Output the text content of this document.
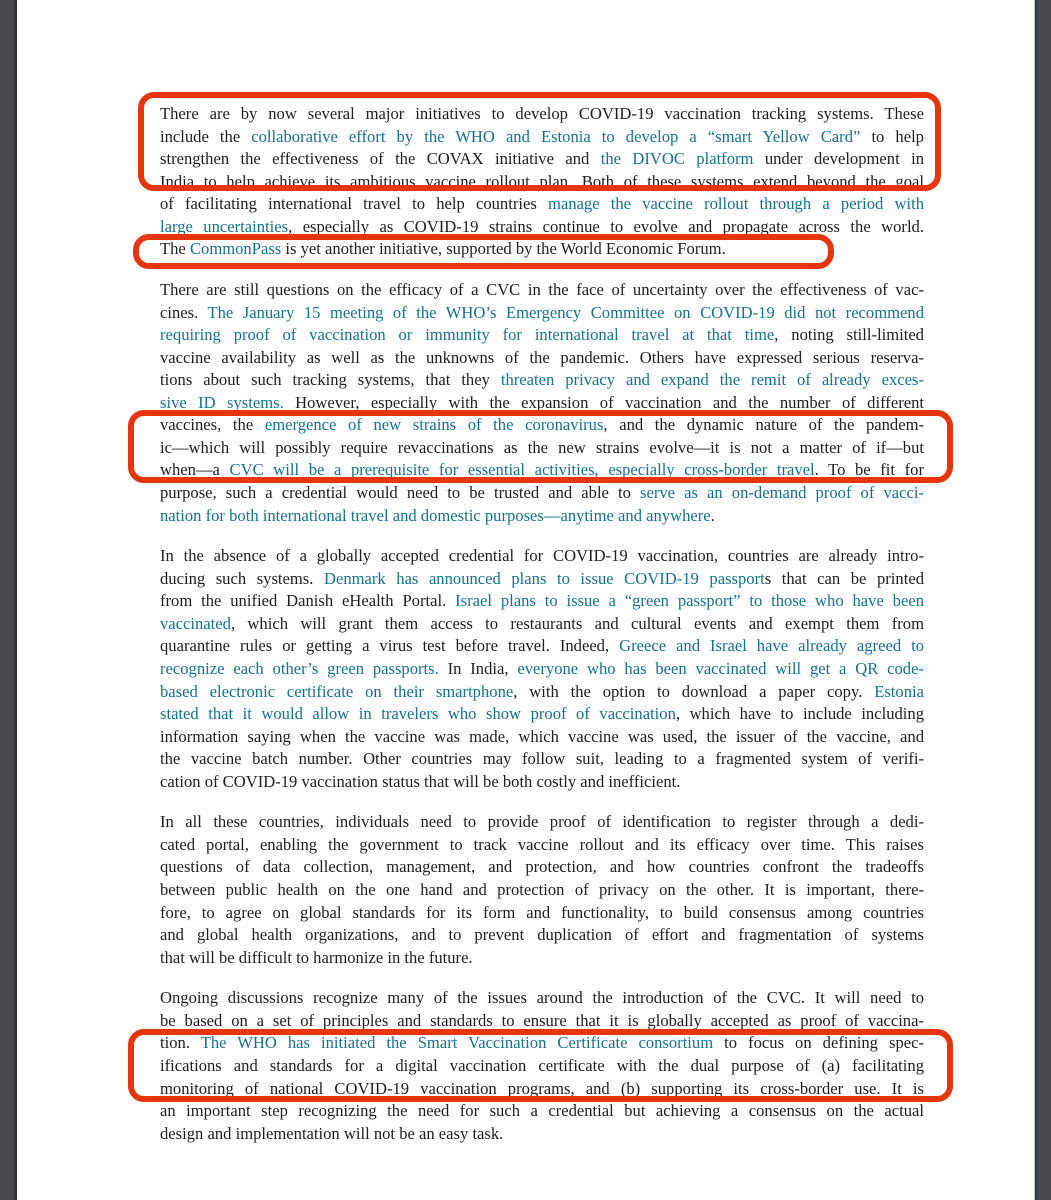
There are by now several major initiatives to develop COVID-19 vaccination tracking systems. These
include the collaborative effort by the WHO and Estonia to develop a “smart Yellow Card” to help
strengthen the effectiveness of the COVAX initiative and the DIVOC platform under development in
India to help achieve its ambitious vaccine rollout plan. Both of these systems extend beyond the goal
of facilitating international travel to help countries manage the vaccine rollout through a period with
large uncertainties, especially as COVID-19 strains continue to evolve and propagate across the world.
The CommonPass is yet another initiative, supported by the World Economic Forum.
There are still questions on the efficacy of a CVC in the face of uncertainty over the effectiveness of vac-
cines. The January 15 meeting of the WHO’s Emergency Committee on COVID-19 did not recommend
requiring proof of vaccination or immunity for international travel at that time, noting still-limited
vaccine availability as well as the unknowns of the pandemic. Others have expressed serious reserva-
tions about such tracking systems, that they threaten privacy and expand the remit of already exces-
sive ID systems. However, especially with the expansion of vaccination and the number of different
vaccines, the emergence of new strains of the coronavirus, and the dynamic nature of the pandem-
ic—which will possibly require revaccinations as the new strains evolve—it is not a matter of if—but
when—a CVC will be a prerequisite for essential activities, especially cross-border travel. To be fit for
purpose, such a credential would need to be trusted and able to serve as an on-demand proof of vacci-
nation for both international travel and domestic purposes—anytime and anywhere.
In the absence of a globally accepted credential for COVID-19 vaccination, countries are already intro-
ducing such systems. Denmark has announced plans to issue COVID-19 passports that can be printed
from the unified Danish eHealth Portal. Israel plans to issue a “green passport” to those who have been
vaccinated, which will grant them access to restaurants and cultural events and exempt them from
quarantine rules or getting a virus test before travel. Indeed, Greece and Israel have already agreed to
recognize each other’s green passports. In India, everyone who has been vaccinated will get a QR code-
based electronic certificate on their smartphone, with the option to download a paper copy. Estonia
stated that it would allow in travelers who show proof of vaccination, which have to include including
information saying when the vaccine was made, which vaccine was used, the issuer of the vaccine, and
the vaccine batch number. Other countries may follow suit, leading to a fragmented system of verifi-
cation of COVID-19 vaccination status that will be both costly and inefficient.
In all these countries, individuals need to provide proof of identification to register through a dedi-
cated portal, enabling the government to track vaccine rollout and its efficacy over time. This raises
questions of data collection, management, and protection, and how countries confront the tradeoffs
between public health on the one hand and protection of privacy on the other. It is important, there-
fore, to agree on global standards for its form and functionality, to build consensus among countries
and global health organizations, and to prevent duplication of effort and fragmentation of systems
that will be difficult to harmonize in the future.
Ongoing discussions recognize many of the issues around the introduction of the CVC. It will need to
be based on a set of principles and standards to ensure that it is globally accepted as proof of vaccina-
tion. The WHO has initiated the Smart Vaccination Certificate consortium to focus on defining spec-
ifications and standards for a digital vaccination certificate with the dual purpose of (a) facilitating
monitoring of national COVID-19 vaccination programs, and (b) supporting its cross-border use. It is
an important step recognizing the need for such a credential but achieving a consensus on the actual
design and implementation will not be an easy task.
